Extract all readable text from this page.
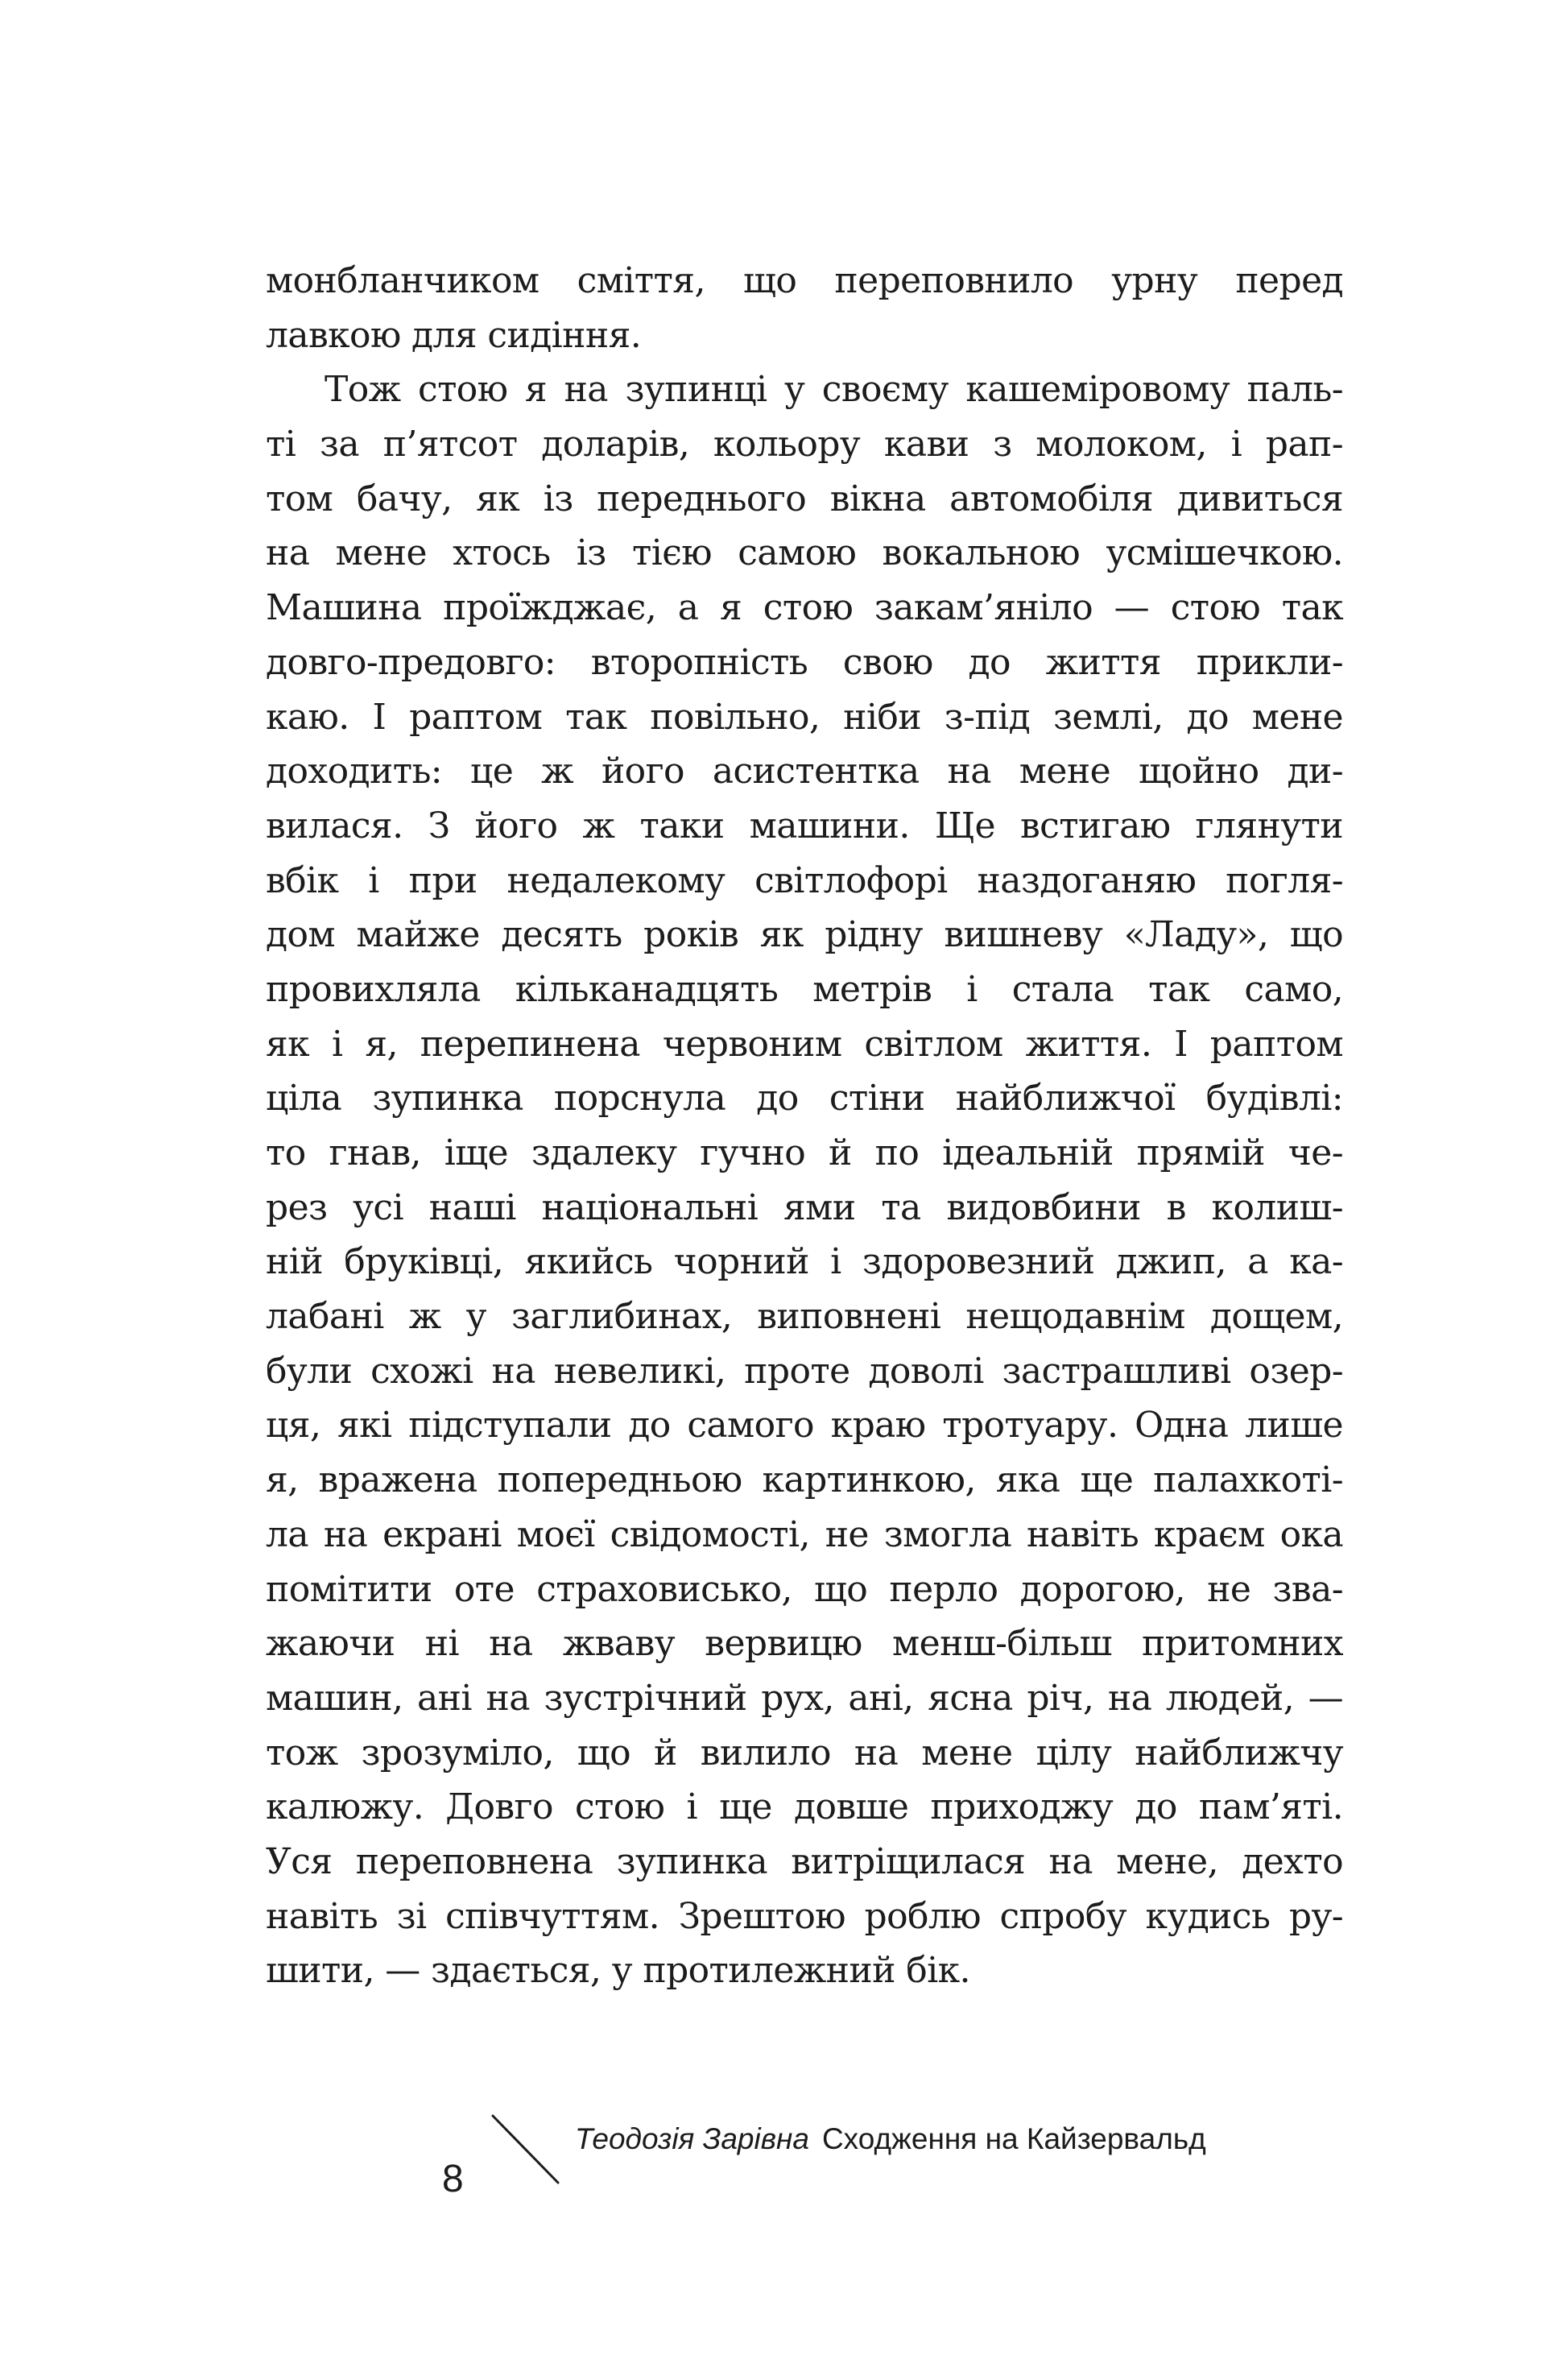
монбланчиком сміття, що переповнило урну перед
лавкою для сидіння.
Тож стою я на зупинці у своєму кашеміровому паль-
ті за п’ятсот доларів, кольору кави з молоком, і рап-
том бачу, як із переднього вікна автомобіля дивиться
на мене хтось із тією самою вокальною усмішечкою.
Машина проїжджає, а я стою закам’яніло — стою так
довго-предовго: второпність свою до життя прикли-
каю. І раптом так повільно, ніби з-під землі, до мене
доходить: це ж його асистентка на мене щойно ди-
вилася. З його ж таки машини. Ще встигаю глянути
вбік і при недалекому світлофорі наздоганяю погля-
дом майже десять років як рідну вишневу «Ладу», що
провихляла кільканадцять метрів і стала так само,
як і я, перепинена червоним світлом життя. І раптом
ціла зупинка порснула до стіни найближчої будівлі:
то гнав, іще здалеку гучно й по ідеальній прямій че-
рез усі наші національні ями та видовбини в колиш-
ній бруківці, якийсь чорний і здоровезний джип, а ка-
лабані ж у заглибинах, виповнені нещодавнім дощем,
були схожі на невеликі, проте доволі застрашливі озер-
ця, які підступали до самого краю тротуару. Одна лише
я, вражена попередньою картинкою, яка ще палахкоті-
ла на екрані моєї свідомості, не змогла навіть краєм ока
помітити оте страховисько, що перло дорогою, не зва-
жаючи ні на жваву вервицю менш-більш притомних
машин, ані на зустрічний рух, ані, ясна річ, на людей, —
тож зрозуміло, що й вилило на мене цілу найближчу
калюжу. Довго стою і ще довше приходжу до пам’яті.
Уся переповнена зупинка витріщилася на мене, дехто
навіть зі співчуттям. Зрештою роблю спробу кудись ру-
шити, — здається, у протилежний бік.
8
Теодозія Зарівна Сходження на Кайзервальд
